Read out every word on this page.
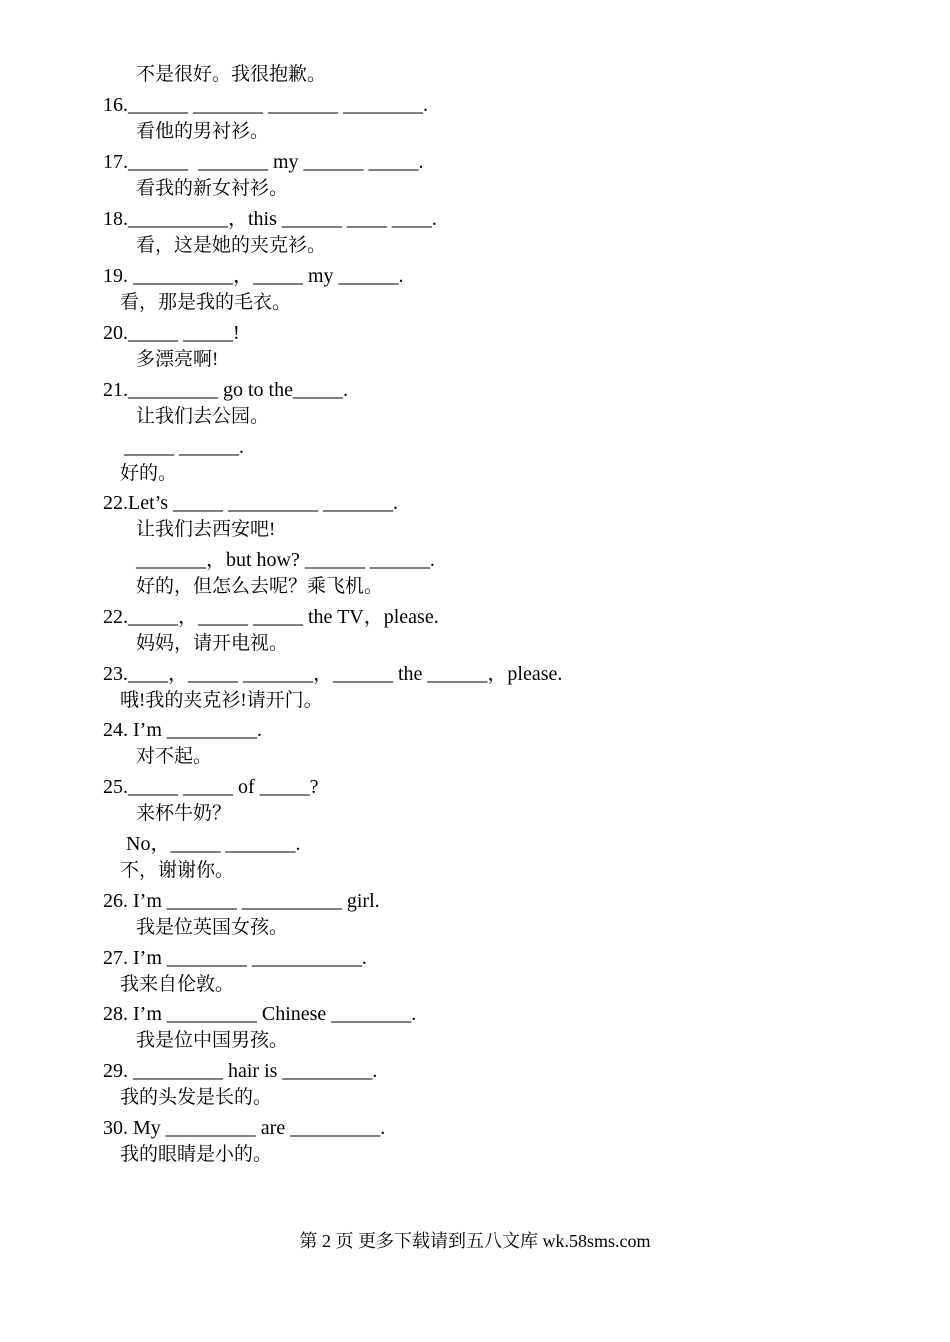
不是很好。我很抱歉。
16.______ _______ _______ ________.
看他的男衬衫。
17.______  _______ my ______ _____.
看我的新女衬衫。
18.__________，this ______ ____ ____.
看，这是她的夹克衫。
19. __________，_____ my ______.
看，那是我的毛衣。
20._____ _____!
多漂亮啊!
21._________ go to the_____.
让我们去公园。
_____ ______.
好的。
22.Let’s _____ _________ _______.
让我们去西安吧!
_______，but how? ______ ______.
好的，但怎么去呢？乘飞机。
22._____，_____ _____ the TV，please.
妈妈，请开电视。
23.____，_____ _______，______ the ______，please.
哦!我的夹克衫!请开门。
24. I’m _________.
对不起。
25._____ _____ of _____?
来杯牛奶？
No，_____ _______.
不，谢谢你。
26. I’m _______ __________ girl.
我是位英国女孩。
27. I’m ________ ___________.
我来自伦敦。
28. I’m _________ Chinese ________.
我是位中国男孩。
29. _________ hair is _________.
我的头发是长的。
30. My _________ are _________.
我的眼睛是小的。
第 2 页 更多下载请到五八文库 wk.58sms.com
